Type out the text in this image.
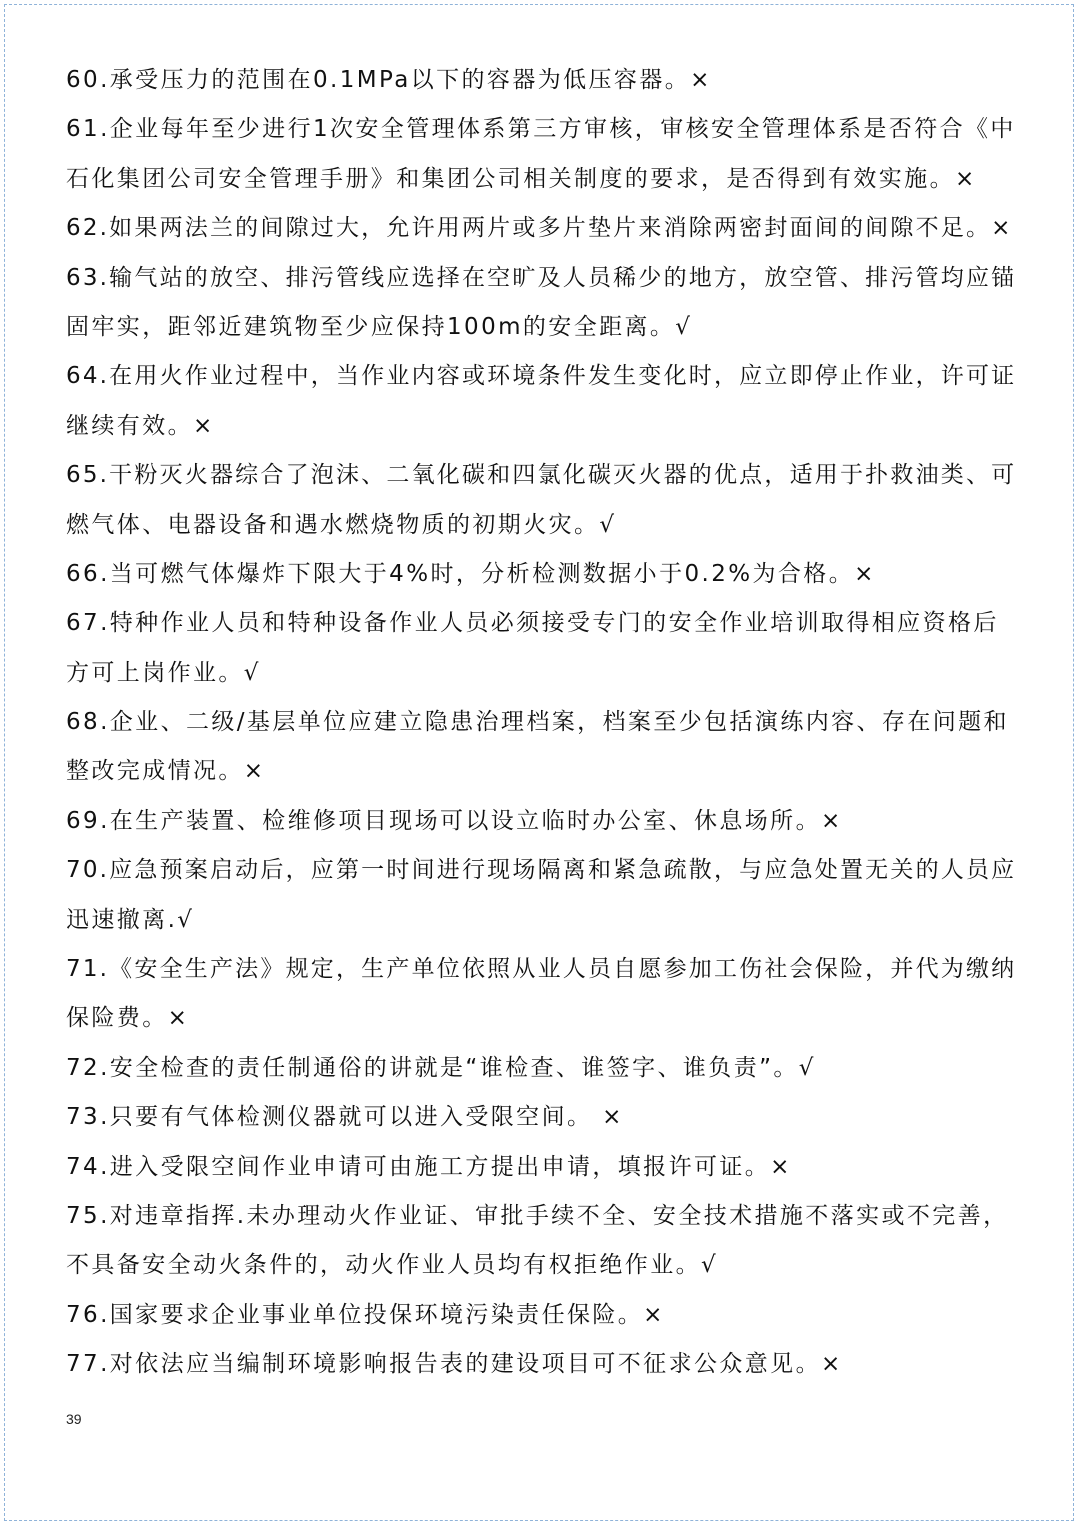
60.承受压力的范围在0.1MPa以下的容器为低压容器。×
61.企业每年至少进行1次安全管理体系第三方审核，审核安全管理体系是否符合《中
石化集团公司安全管理手册》和集团公司相关制度的要求，是否得到有效实施。×
62.如果两法兰的间隙过大，允许用两片或多片垫片来消除两密封面间的间隙不足。×
63.输气站的放空、排污管线应选择在空旷及人员稀少的地方，放空管、排污管均应锚
固牢实，距邻近建筑物至少应保持100m的安全距离。√
64.在用火作业过程中，当作业内容或环境条件发生变化时，应立即停止作业，许可证
继续有效。×
65.干粉灭火器综合了泡沫、二氧化碳和四氯化碳灭火器的优点，适用于扑救油类、可
燃气体、电器设备和遇水燃烧物质的初期火灾。√
66.当可燃气体爆炸下限大于4%时，分析检测数据小于0.2%为合格。×
67.特种作业人员和特种设备作业人员必须接受专门的安全作业培训取得相应资格后
方可上岗作业。√
68.企业、二级/基层单位应建立隐患治理档案，档案至少包括演练内容、存在问题和
整改完成情况。×
69.在生产装置、检维修项目现场可以设立临时办公室、休息场所。×
70.应急预案启动后，应第一时间进行现场隔离和紧急疏散，与应急处置无关的人员应
迅速撤离.√
71.《安全生产法》规定，生产单位依照从业人员自愿参加工伤社会保险，并代为缴纳
保险费。×
72.安全检查的责任制通俗的讲就是“谁检查、谁签字、谁负责”。√
73.只要有气体检测仪器就可以进入受限空间。 ×
74.进入受限空间作业申请可由施工方提出申请，填报许可证。×
75.对违章指挥.未办理动火作业证、审批手续不全、安全技术措施不落实或不完善，
不具备安全动火条件的，动火作业人员均有权拒绝作业。√
76.国家要求企业事业单位投保环境污染责任保险。×
77.对依法应当编制环境影响报告表的建设项目可不征求公众意见。×
39
